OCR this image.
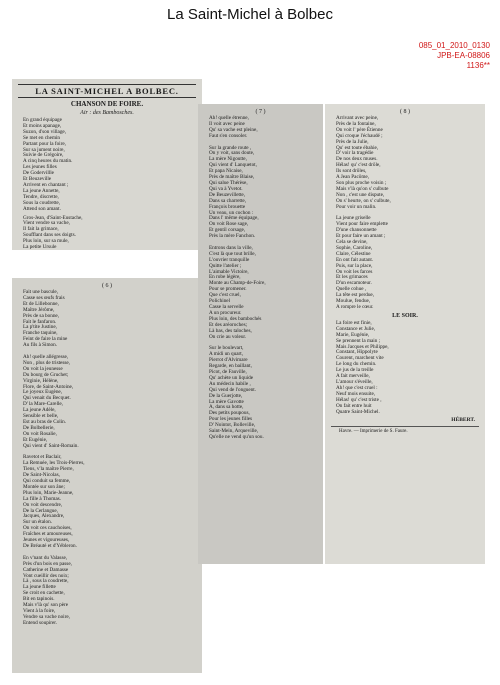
La Saint-Michel à Bolbec
085_01_2010_0130
JPB-EA-08806
1136**
LA SAINT-MICHEL A BOLBEC.
CHANSON DE FOIRE.
Air : des Bambosches.
En grand équipage
Et moins apanage,
Suzon, d'son village,
Se met en chemin
Partant pour la foire,
Sur sa jument noire,
Suivie de Grégoire,
A cinq heures du matin.
Les jeunes filles
De Godervillle
Et Beuzeville
Arrivent en chantant ;
La jeune Annette,
Tendre, discrette,
Sous la coudrette,
Attend son amant.
Gros-Jean, d'Saint-Eustache,
Vient vendre sa vache,
Il fait la grimace,
Soufflant dans ses doigts.
Plus loin, sur sa mule,
La petite Ursule
( 6 )
Fait une bascule,
Casse ses œufs frais
Et de Lillebonne,
Maître Jérôme,
Près de sa bonne,
Fait le fanfaron.
La p'tite Justine,
Franche taquine,
Feint de faire la mine
Au fils à Simon.

Ah! quelle allégresse,
Non , plus de tristesse,
On voit la jeunesse
Du bourg de Gruchet;
Virginie, Hélène,
Flore, de Saint-Antoine,
Le joyeux Eugène,
Qui venait du Becquet.
D' la Mare-Carelle,
La jeune Adèle,
Sensible et belle,
Est au bras de Colin.
De Bolbellerie,
On voit Rosalie,
Et Eugénie,
Qui vient d' Saint-Romain.

Ravetot et Baclair,
La Remuée, les Trois-Pierres,
Tiens, v'la maître Pierre,
De Saint-Nicolas,
Qui conduit sa femme,
Montée sur son âne;
Plus loin, Marie-Jeanne,
La fille à Thomas.
On voit descendre,
De la Cerlangue,
Jacques, Alexandre,
Sur un étalon.
On voit ces cauchoises,
Fraîches et amoureuses,
Jeunes et vigoureuses,
De Bréauté et d'Yébleron.

En v'nant du Valasse,
Près d'un bois en passe,
Catherine et Damasse
Vont cueillir des noix;
Là , sous la coudrette,
La jeune fillette
Se croit en cachette,
Bit en tapinois.
Mais v'là qu' son père
Vient à la foire,
Vendre sa vache noire,
Entend soupirer.
( 7 )
Ah! quelle étrenne,
Il voit avec peine
Qu' sa vache est pleine,
Faut s'en consoler.

Sur la grande route ,
On y voit, sans doute,
La mère Nigoutte,
Qui vient d' Lanquetot,
Et papa Nicaise,
Près de maître Blaise,
Qui salue Thérèse,
Qui va à Yvetot.
De Beuzevillette,
Dans sa charrette,
François brouette
Un veau, un cochon :
Dans l' même équipage,
On voit Rose sage,
Et gentil corsage,
Près la mère Fanchon.

Entrons dans la ville,
C'est là que tout brille,
L'ouvrier tranquille
Quitte l'atelier ;
L'aimable Victoire,
En robe légère,
Monte au Champ-de-Foire,
Pour se promener.
Que c'est cruel,
Polichinel
Casse la servelle
A un procureur.
Plus loin, des bambochés
Et des aréoroches;
Là bas, des taloches,
On crie au voleur.

Sur le boulevart,
A midi un quart,
Pierrot d'Alvimare
Regarde, en baillant,
Picot, de Fauville,
Qu' achète un liquide
Au médecin habile ,
Qui vend de l'onguent.
De la Guerjotte,
La mère Gavotte
A, dans sa hotte,
Des petits poupous,
Pour les jeunes filles
D' Nointot, Bolleville,
Saint-Mein, Arqueville,
Qu'elle ne vend qu'un sou.
( 8 )
Arrivant avec peine,
Près de la fontaine,
On voit l' père Étienne
Qui croque l'échaudé ;
Près de la Julie,
Qu' est toute ébahie,
D' voir la tragédie
De nos deux muses.
Hélas! qu' c'est drôle,
Ils sont drôles,
A Jean Pacôme,
Son plus proche voisin ;
Mais v'là qu'on s' culbute
Non , c'est une dispute,
On s' heurte, on s' culbute,
Pour voir un malin.

La jeune griselle
Vient pour faire emplette
D'une chansonnette
Et pour faire un amant ;
Cela se devine,
Sophie, Caroline,
Claire, Célestine
En ont fait autant.
Puis, sur la place,
On voit les farces
Et les grimaces
D'un escamoteur.
Quelle cohue ,
La tête est perdue,
Moulue, fendue,
A rompre le cœur.
LE SOIR.
La foire est finie,
Constance et Julie,
Marie, Eugénie,
Se prennent la main ;
Mais Jacques et Philippe,
Constant, Hippolyte
Courent, marchent vite
Le long du chemin.
Le jus de la treille
A fait merveille,
L'amour s'éveille,
Ah! que c'est cruel :
Neuf mois ensuite,
Hélas! qu' c'est triste ,
On fait entre huit
Quatre Saint-Michel.
HÉBERT.
Havre. — Imprimerie de S. Faure.
